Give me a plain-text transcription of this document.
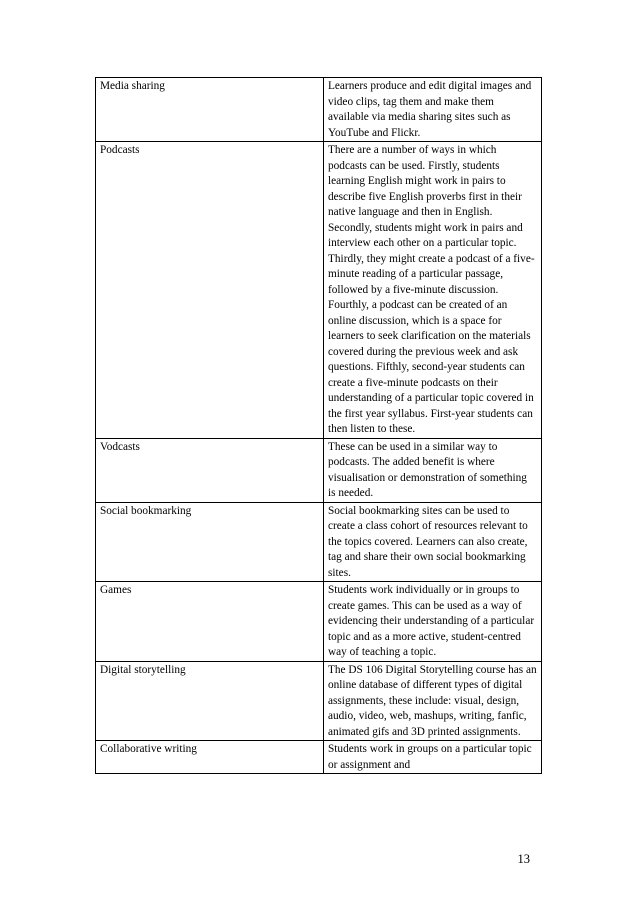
Media sharing	Learners produce and edit digital images and video clips, tag them and make them available via media sharing sites such as YouTube and Flickr.
Podcasts	There are a number of ways in which podcasts can be used. Firstly, students learning English might work in pairs to describe five English proverbs first in their native language and then in English. Secondly, students might work in pairs and interview each other on a particular topic. Thirdly, they might create a podcast of a five-minute reading of a particular passage, followed by a five-minute discussion. Fourthly, a podcast can be created of an online discussion, which is a space for learners to seek clarification on the materials covered during the previous week and ask questions. Fifthly, second-year students can create a five-minute podcasts on their understanding of a particular topic covered in the first year syllabus. First-year students can then listen to these.
Vodcasts	These can be used in a similar way to podcasts. The added benefit is where visualisation or demonstration of something is needed.
Social bookmarking	Social bookmarking sites can be used to create a class cohort of resources relevant to the topics covered. Learners can also create, tag and share their own social bookmarking sites.
Games	Students work individually or in groups to create games. This can be used as a way of evidencing their understanding of a particular topic and as a more active, student-centred way of teaching a topic.
Digital storytelling	The DS 106 Digital Storytelling course has an online database of different types of digital assignments, these include: visual, design, audio, video, web, mashups, writing, fanfic, animated gifs and 3D printed assignments.
Collaborative writing	Students work in groups on a particular topic or assignment and
13
